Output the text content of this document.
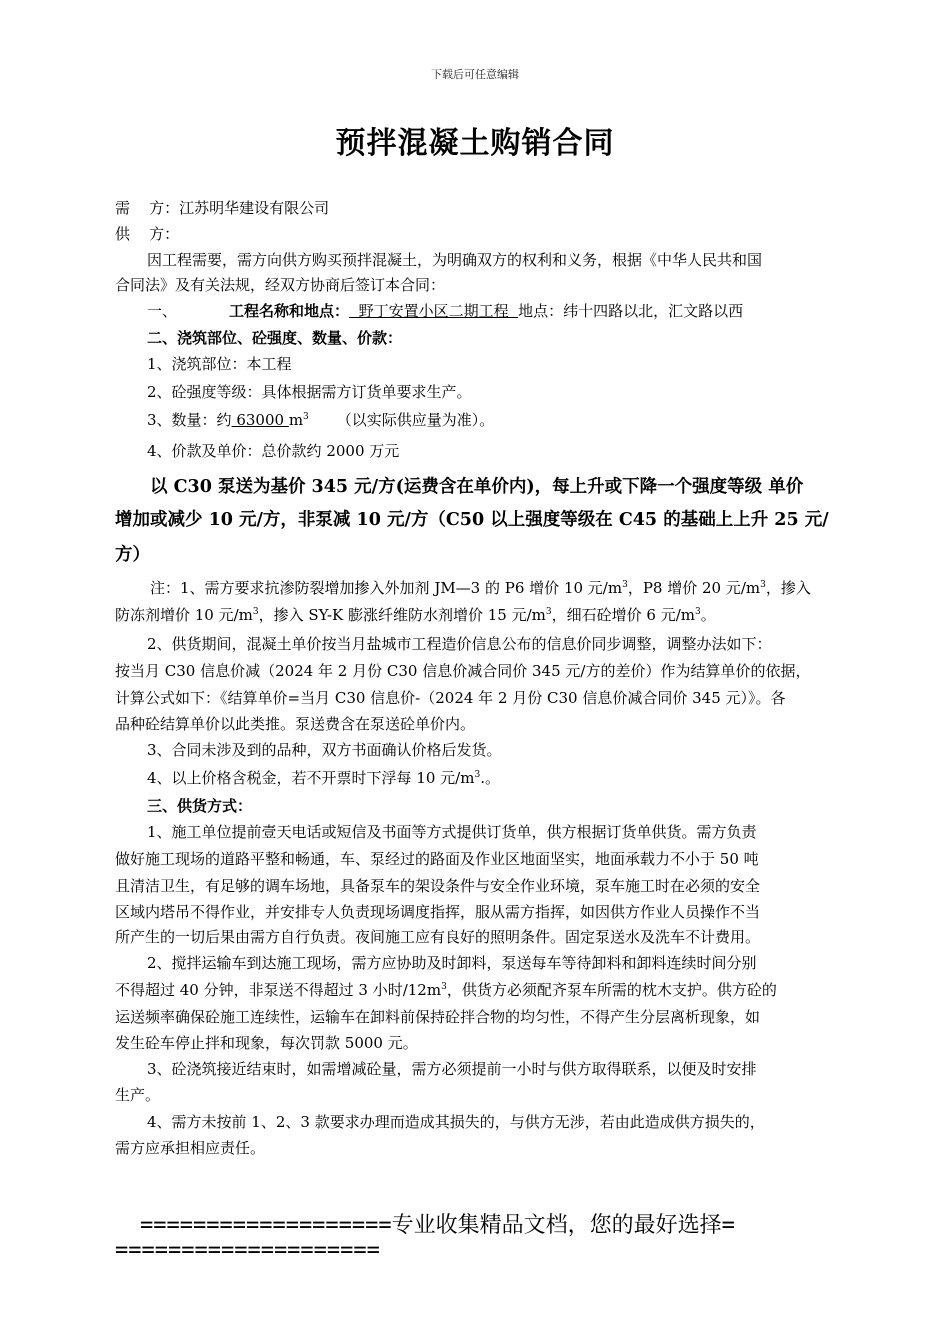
下载后可任意编辑
预拌混凝土购销合同
需    方：江苏明华建设有限公司
供    方：
因工程需要，需方向供方购买预拌混凝土，为明确双方的权利和义务，根据《中华人民共和国
合同法》及有关法规，经双方协商后签订本合同：
一、	工程名称和地点：  野丁安置小区二期工程  地点：纬十四路以北，汇文路以西
二、浇筑部位、砼强度、数量、价款：
1、浇筑部位：本工程
2、砼强度等级：具体根据需方订货单要求生产。
3、数量：约 63000 $m^3$ （以实际供应量为准）。
4、价款及单价：总价款约 2000 万元
以 C30 泵送为基价 345 元/方(运费含在单价内)，每上升或下降一个强度等级 单价
增加或减少 10 元/方，非泵减 10 元/方（C50 以上强度等级在 C45 的基础上上升 25 元/
方）
注：1、需方要求抗渗防裂增加掺入外加剂 JM—3 的 P6 增价 10 元$/m^3$，P8 增价 20 元$/m^3$，掺入
防冻剂增价 10 元$/m^3$，掺入 SY-K 膨涨纤维防水剂增价 15 元$/m^3$，细石砼增价 6 元$/m^3$。
2、供货期间，混凝土单价按当月盐城市工程造价信息公布的信息价同步调整，调整办法如下：
按当月 C30 信息价减（2024 年 2 月份 C30 信息价减合同价 345 元/方的差价）作为结算单价的依据，
计算公式如下：《结算单价=当月 C30 信息价-（2024 年 2 月份 C30 信息价减合同价 345 元）》。各
品种砼结算单价以此类推。泵送费含在泵送砼单价内。
3、合同未涉及到的品种，双方书面确认价格后发货。
4、以上价格含税金，若不开票时下浮每 10 元$/m^3$.。
三、供货方式：
1、施工单位提前壹天电话或短信及书面等方式提供订货单，供方根据订货单供货。需方负责
做好施工现场的道路平整和畅通，车、泵经过的路面及作业区地面坚实，地面承载力不小于 50 吨
且清洁卫生，有足够的调车场地，具备泵车的架设条件与安全作业环境，泵车施工时在必须的安全
区域内塔吊不得作业，并安排专人负责现场调度指挥，服从需方指挥，如因供方作业人员操作不当
所产生的一切后果由需方自行负责。夜间施工应有良好的照明条件。固定泵送水及洗车不计费用。
2、搅拌运输车到达施工现场，需方应协助及时卸料，泵送每车等待卸料和卸料连续时间分别
不得超过 40 分钟，非泵送不得超过 3 小时$/12m^3$，供货方必须配齐泵车所需的枕木支护。供方砼的
运送频率确保砼施工连续性，运输车在卸料前保持砼拌合物的均匀性，不得产生分层离析现象，如
发生砼车停止拌和现象，每次罚款 5000 元。
3、砼浇筑接近结束时，如需增减砼量，需方必须提前一小时与供方取得联系，以便及时安排
生产。
4、需方未按前 1、2、3 款要求办理而造成其损失的，与供方无涉，若由此造成供方损失的，
需方应承担相应责任。
===================专业收集精品文档，您的最好选择=
====================
